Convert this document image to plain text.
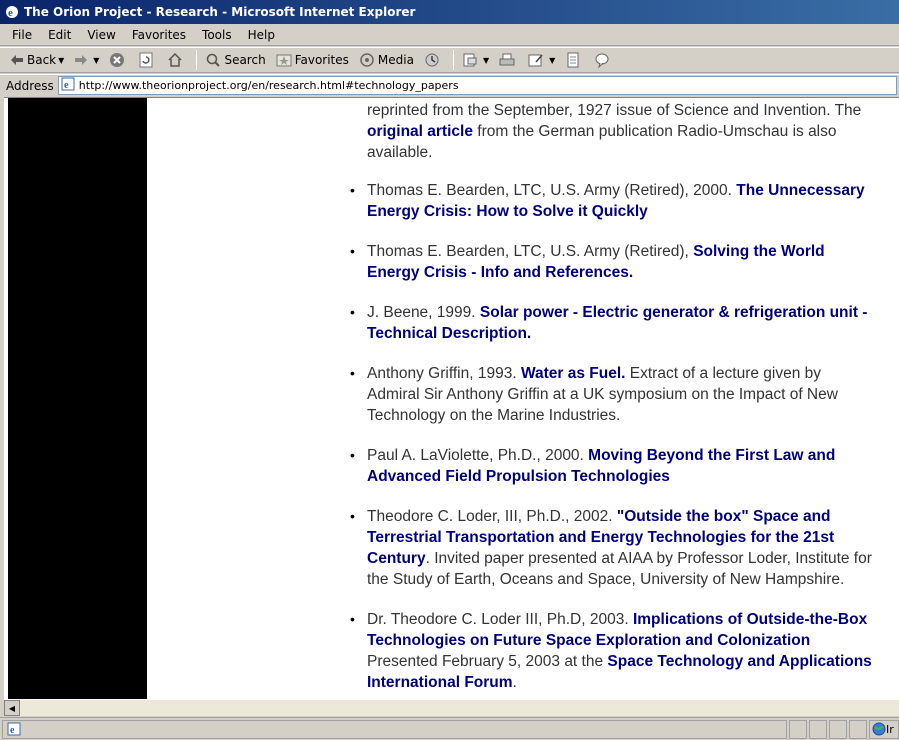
e The Orion Project - Research - Microsoft Internet Explorer
File	Edit	View	Favorites	Tools	Help
Back ▼	▼	Search Favorites Media	▼	▼
Address e http://www.theorionproject.org/en/research.html#technology_papers
reprinted from the September, 1927 issue of Science and Invention. The original article from the German publication Radio-Umschau is also available.
• Thomas E. Bearden, LTC, U.S. Army (Retired), 2000. The Unnecessary Energy Crisis: How to Solve it Quickly
• Thomas E. Bearden, LTC, U.S. Army (Retired), Solving the World Energy Crisis - Info and References.
• J. Beene, 1999. Solar power - Electric generator & refrigeration unit -Technical Description.
• Anthony Griffin, 1993. Water as Fuel. Extract of a lecture given by Admiral Sir Anthony Griffin at a UK symposium on the Impact of New Technology on the Marine Industries.
• Paul A. LaViolette, Ph.D., 2000. Moving Beyond the First Law and Advanced Field Propulsion Technologies
• Theodore C. Loder, III, Ph.D., 2002. "Outside the box" Space and Terrestrial Transportation and Energy Technologies for the 21st Century. Invited paper presented at AIAA by Professor Loder, Institute for the Study of Earth, Oceans and Space, University of New Hampshire.
• Dr. Theodore C. Loder III, Ph.D, 2003. Implications of Outside-the-Box Technologies on Future Space Exploration and Colonization Presented February 5, 2003 at the Space Technology and Applications International Forum.
◀
e	Ir
